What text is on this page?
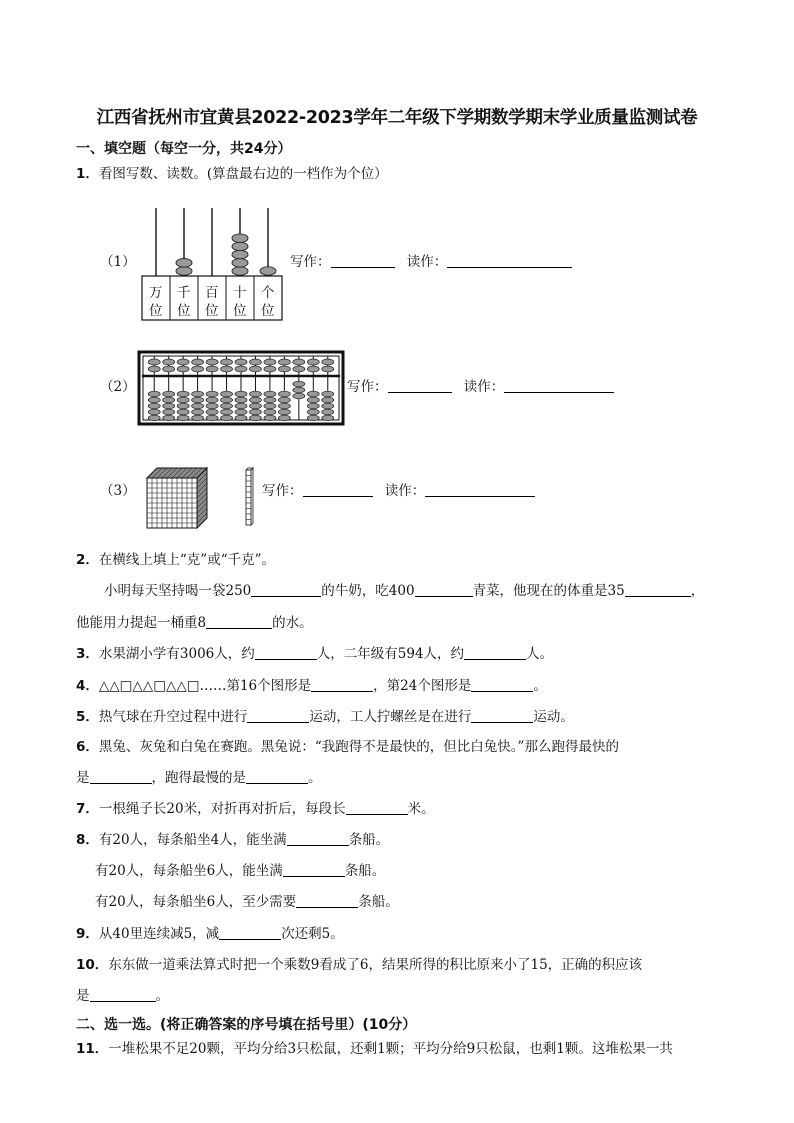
江西省抚州市宜黄县2022-2023学年二年级下学期数学期末学业质量监测试卷
一、填空题（每空一分，共24分）
1．看图写数、读数。(算盘最右边的一档作为个位）
（1）
万
位
千
位
百
位
十
位
个
位
写作：	读作：
（2）	写作：	读作：
（3）	写作：	读作：
2．在横线上填上“克”或“千克”。
小明每天坚持喝一袋250	的牛奶，吃400	青菜，他现在的体重是35	，
他能用力提起一桶重8	的水。
3．水果湖小学有3006人，约	人，二年级有594人，约	人。
4．△△□△△□△△□……第16个图形是	，第24个图形是	。
5．热气球在升空过程中进行	运动，工人拧螺丝是在进行	运动。
6．黑兔、灰兔和白兔在赛跑。黑兔说：“我跑得不是最快的，但比白兔快。”那么跑得最快的
是	，跑得最慢的是	。
7．一根绳子长20米，对折再对折后，每段长	米。
8．有20人，每条船坐4人，能坐满	条船。
有20人，每条船坐6人，能坐满	条船。
有20人，每条船坐6人，至少需要	条船。
9．从40里连续减5，减	次还剩5。
10．东东做一道乘法算式时把一个乘数9看成了6，结果所得的积比原来小了15，正确的积应该
是	。
二、选一选。(将正确答案的序号填在括号里）(10分）
11．一堆松果不足20颗，平均分给3只松鼠，还剩1颗；平均分给9只松鼠，也剩1颗。这堆松果一共
